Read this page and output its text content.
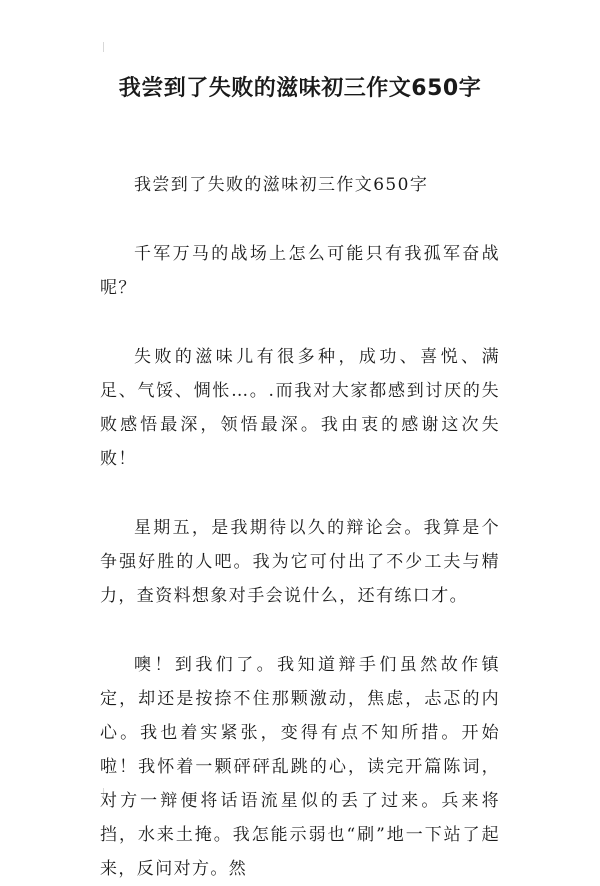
我尝到了失败的滋味初三作文650字

我尝到了失败的滋味初三作文650字

千军万马的战场上怎么可能只有我孤军奋战呢？

失败的滋味儿有很多种，成功、喜悦、满足、气馁、惆怅…。.而我对大家都感到讨厌的失败感悟最深，领悟最深。我由衷的感谢这次失败！

星期五，是我期待以久的辩论会。我算是个争强好胜的人吧。我为它可付出了不少工夫与精力，查资料想象对手会说什么，还有练口才。

噢！到我们了。我知道辩手们虽然故作镇定，却还是按捺不住那颗激动，焦虑，忐忑的内心。我也着实紧张，变得有点不知所措。开始啦！我怀着一颗砰砰乱跳的心，读完开篇陈词，对方一辩便将话语流星似的丢了过来。兵来将挡，水来土掩。我怎能示弱也“刷”地一下站了起来，反问对方。然
